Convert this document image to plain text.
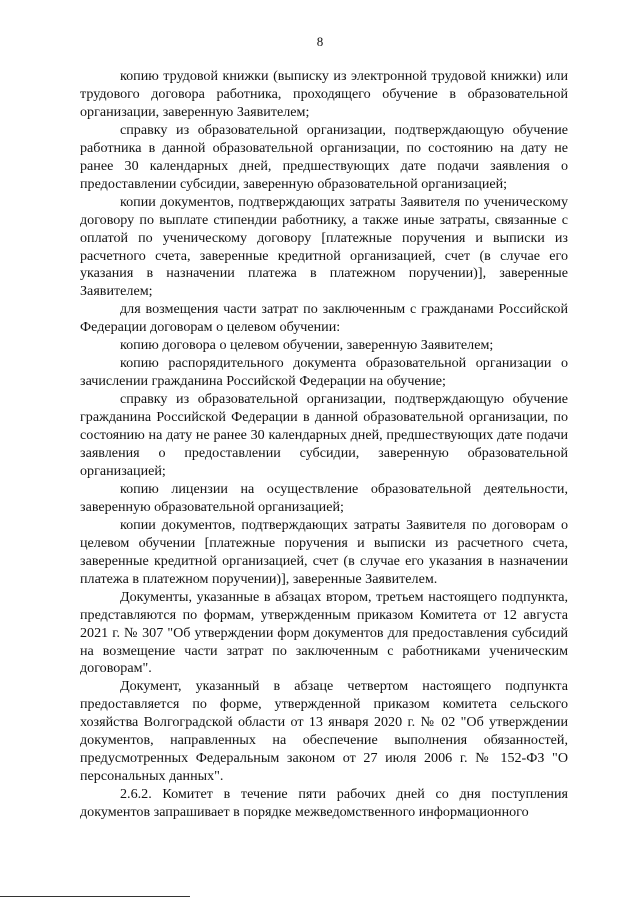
8

копию трудовой книжки (выписку из электронной трудовой книжки) или трудового договора работника, проходящего обучение в образовательной организации, заверенную Заявителем;

справку из образовательной организации, подтверждающую обучение работника в данной образовательной организации, по состоянию на дату не ранее 30 календарных дней, предшествующих дате подачи заявления о предоставлении субсидии, заверенную образовательной организацией;

копии документов, подтверждающих затраты Заявителя по ученическому договору по выплате стипендии работнику, а также иные затраты, связанные с оплатой по ученическому договору [платежные поручения и выписки из расчетного счета, заверенные кредитной организацией, счет (в случае его указания в назначении платежа в платежном поручении)], заверенные Заявителем;

для возмещения части затрат по заключенным с гражданами Российской Федерации договорам о целевом обучении:

копию договора о целевом обучении, заверенную Заявителем;

копию распорядительного документа образовательной организации о зачислении гражданина Российской Федерации на обучение;

справку из образовательной организации, подтверждающую обучение гражданина Российской Федерации в данной образовательной организации, по состоянию на дату не ранее 30 календарных дней, предшествующих дате подачи заявления о предоставлении субсидии, заверенную образовательной организацией;

копию лицензии на осуществление образовательной деятельности, заверенную образовательной организацией;

копии документов, подтверждающих затраты Заявителя по договорам о целевом обучении [платежные поручения и выписки из расчетного счета, заверенные кредитной организацией, счет (в случае его указания в назначении платежа в платежном поручении)], заверенные Заявителем.

Документы, указанные в абзацах втором, третьем настоящего подпункта, представляются по формам, утвержденным приказом Комитета от 12 августа 2021 г. № 307 "Об утверждении форм документов для предоставления субсидий на возмещение части затрат по заключенным с работниками ученическим договорам".

Документ, указанный в абзаце четвертом настоящего подпункта предоставляется по форме, утвержденной приказом комитета сельского хозяйства Волгоградской области от 13 января 2020 г. № 02 "Об утверждении документов, направленных на обеспечение выполнения обязанностей, предусмотренных Федеральным законом от 27 июля 2006 г. № 152-ФЗ "О персональных данных".

2.6.2. Комитет в течение пяти рабочих дней со дня поступления документов запрашивает в порядке межведомственного информационного
